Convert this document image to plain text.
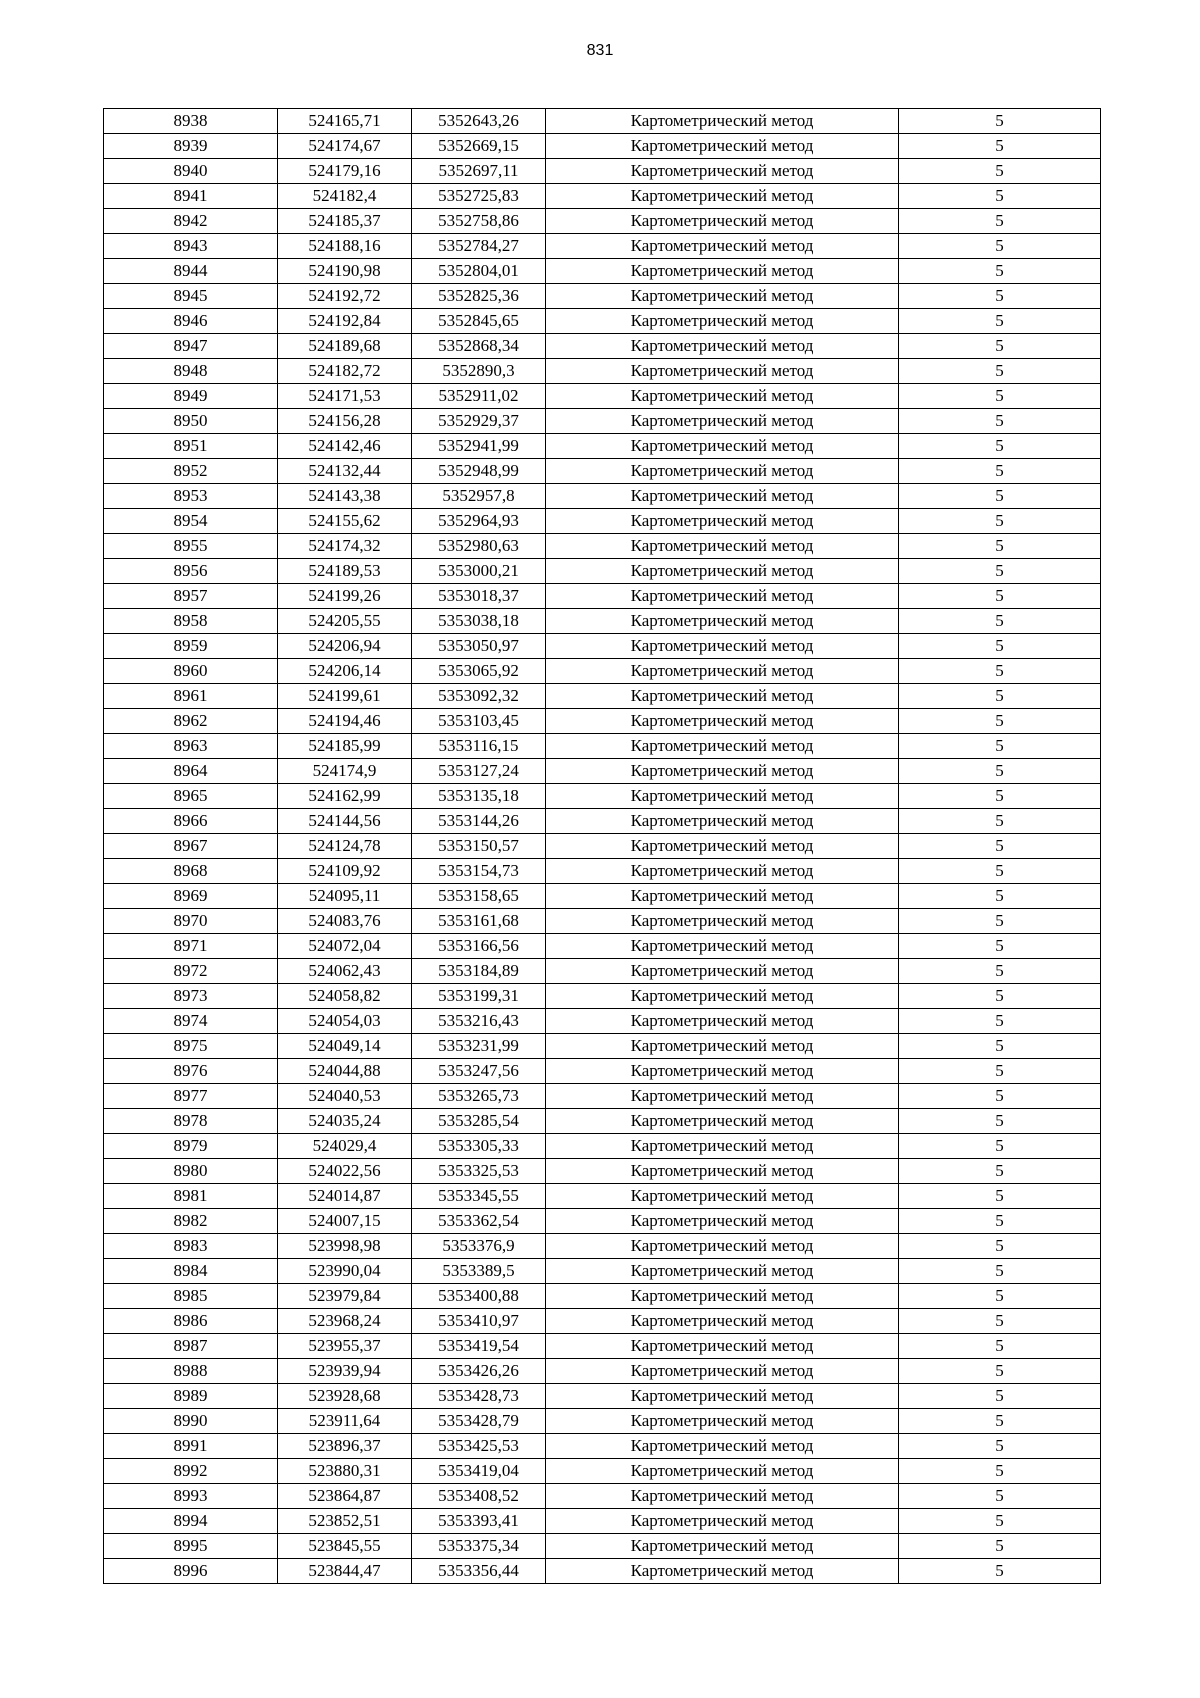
831
8938	524165,71	5352643,26	Картометрический метод	5
8939	524174,67	5352669,15	Картометрический метод	5
8940	524179,16	5352697,11	Картометрический метод	5
8941	524182,4	5352725,83	Картометрический метод	5
8942	524185,37	5352758,86	Картометрический метод	5
8943	524188,16	5352784,27	Картометрический метод	5
8944	524190,98	5352804,01	Картометрический метод	5
8945	524192,72	5352825,36	Картометрический метод	5
8946	524192,84	5352845,65	Картометрический метод	5
8947	524189,68	5352868,34	Картометрический метод	5
8948	524182,72	5352890,3	Картометрический метод	5
8949	524171,53	5352911,02	Картометрический метод	5
8950	524156,28	5352929,37	Картометрический метод	5
8951	524142,46	5352941,99	Картометрический метод	5
8952	524132,44	5352948,99	Картометрический метод	5
8953	524143,38	5352957,8	Картометрический метод	5
8954	524155,62	5352964,93	Картометрический метод	5
8955	524174,32	5352980,63	Картометрический метод	5
8956	524189,53	5353000,21	Картометрический метод	5
8957	524199,26	5353018,37	Картометрический метод	5
8958	524205,55	5353038,18	Картометрический метод	5
8959	524206,94	5353050,97	Картометрический метод	5
8960	524206,14	5353065,92	Картометрический метод	5
8961	524199,61	5353092,32	Картометрический метод	5
8962	524194,46	5353103,45	Картометрический метод	5
8963	524185,99	5353116,15	Картометрический метод	5
8964	524174,9	5353127,24	Картометрический метод	5
8965	524162,99	5353135,18	Картометрический метод	5
8966	524144,56	5353144,26	Картометрический метод	5
8967	524124,78	5353150,57	Картометрический метод	5
8968	524109,92	5353154,73	Картометрический метод	5
8969	524095,11	5353158,65	Картометрический метод	5
8970	524083,76	5353161,68	Картометрический метод	5
8971	524072,04	5353166,56	Картометрический метод	5
8972	524062,43	5353184,89	Картометрический метод	5
8973	524058,82	5353199,31	Картометрический метод	5
8974	524054,03	5353216,43	Картометрический метод	5
8975	524049,14	5353231,99	Картометрический метод	5
8976	524044,88	5353247,56	Картометрический метод	5
8977	524040,53	5353265,73	Картометрический метод	5
8978	524035,24	5353285,54	Картометрический метод	5
8979	524029,4	5353305,33	Картометрический метод	5
8980	524022,56	5353325,53	Картометрический метод	5
8981	524014,87	5353345,55	Картометрический метод	5
8982	524007,15	5353362,54	Картометрический метод	5
8983	523998,98	5353376,9	Картометрический метод	5
8984	523990,04	5353389,5	Картометрический метод	5
8985	523979,84	5353400,88	Картометрический метод	5
8986	523968,24	5353410,97	Картометрический метод	5
8987	523955,37	5353419,54	Картометрический метод	5
8988	523939,94	5353426,26	Картометрический метод	5
8989	523928,68	5353428,73	Картометрический метод	5
8990	523911,64	5353428,79	Картометрический метод	5
8991	523896,37	5353425,53	Картометрический метод	5
8992	523880,31	5353419,04	Картометрический метод	5
8993	523864,87	5353408,52	Картометрический метод	5
8994	523852,51	5353393,41	Картометрический метод	5
8995	523845,55	5353375,34	Картометрический метод	5
8996	523844,47	5353356,44	Картометрический метод	5
